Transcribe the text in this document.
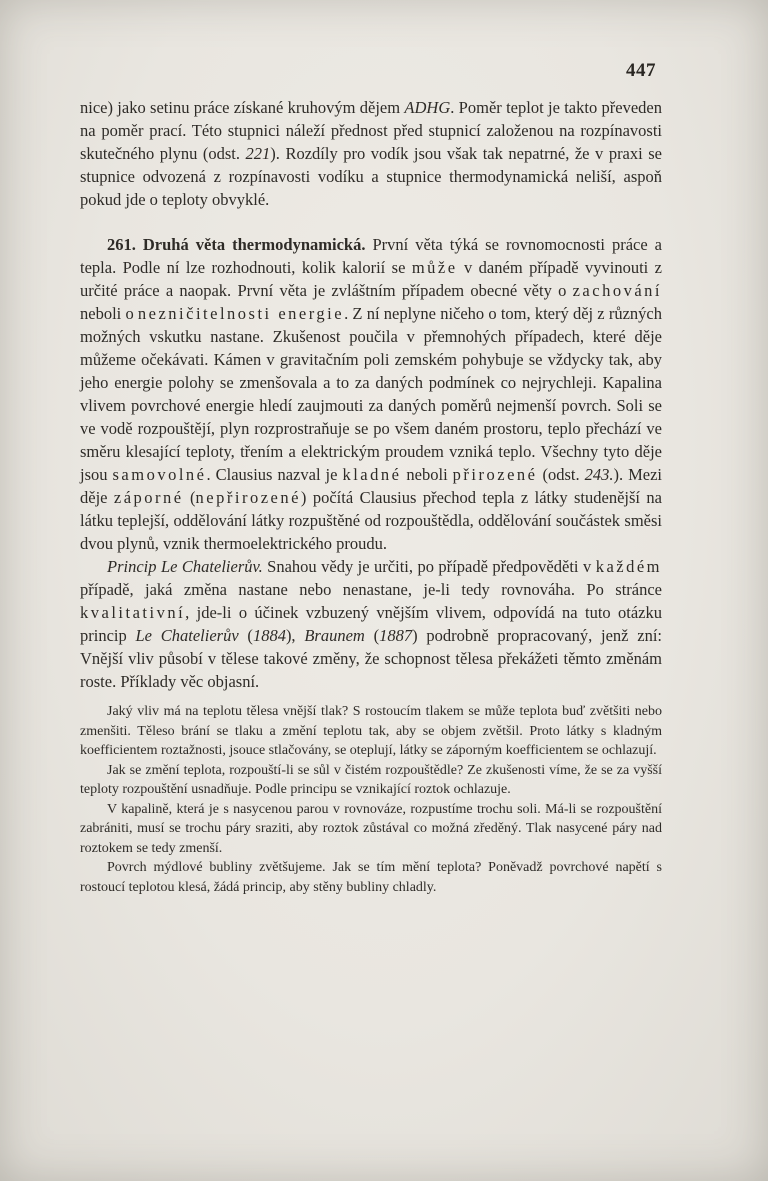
447

nice) jako setinu práce získané kruhovým dějem ADHG. Poměr teplot je takto převeden na poměr prací. Této stupnici náleží přednost před stupnicí založenou na rozpínavosti skutečného plynu (odst. 221). Rozdíly pro vodík jsou však tak nepatrné, že v praxi se stupnice odvozená z rozpínavosti vodíku a stupnice thermodynamická neliší, aspoň pokud jde o teploty obvyklé.

261. Druhá věta thermodynamická. První věta týká se rovnomocnosti práce a tepla. Podle ní lze rozhodnouti, kolik kalorií se může v daném případě vyvinouti z určité práce a naopak. První věta je zvláštním případem obecné věty o zachování neboli o nezničitelnosti energie. Z ní neplyne ničeho o tom, který děj z různých možných vskutku nastane. Zkušenost poučila v přemnohých případech, které děje můžeme očekávati. Kámen v gravitačním poli zemském pohybuje se vždycky tak, aby jeho energie polohy se zmenšovala a to za daných podmínek co nejrychleji. Kapalina vlivem povrchové energie hledí zaujmouti za daných poměrů nejmenší povrch. Soli se ve vodě rozpouštějí, plyn rozprostraňuje se po všem daném prostoru, teplo přechází ve směru klesající teploty, třením a elektrickým proudem vzniká teplo. Všechny tyto děje jsou samovolné. Clausius nazval je kladné neboli přirozené (odst. 243.). Mezi děje záporné (nepřirozené) počítá Clausius přechod tepla z látky studenější na látku teplejší, oddělování látky rozpuštěné od rozpouštědla, oddělování součástek směsi dvou plynů, vznik thermoelektrického proudu.

Princip Le Chatelierův. Snahou vědy je určiti, po případě předpověděti v každém případě, jaká změna nastane nebo nenastane, je-li tedy rovnováha. Po stránce kvalitativní, jde-li o účinek vzbuzený vnějším vlivem, odpovídá na tuto otázku princip Le Chatelierův (1884), Braunem (1887) podrobně propracovaný, jenž zní: Vnější vliv působí v tělese takové změny, že schopnost tělesa překážeti těmto změnám roste. Příklady věc objasní.

Jaký vliv má na teplotu tělesa vnější tlak? S rostoucím tlakem se může teplota buď zvětšiti nebo zmenšiti. Těleso brání se tlaku a změní teplotu tak, aby se objem zvětšil. Proto látky s kladným koefficientem roztažnosti, jsouce stlačovány, se oteplují, látky se záporným koefficientem se ochlazují.

Jak se změní teplota, rozpouští-li se sůl v čistém rozpouštědle? Ze zkušenosti víme, že se za vyšší teploty rozpouštění usnadňuje. Podle principu se vznikající roztok ochlazuje.

V kapalině, která je s nasycenou parou v rovnováze, rozpustíme trochu soli. Má-li se rozpouštění zabrániti, musí se trochu páry sraziti, aby roztok zůstával co možná zředěný. Tlak nasycené páry nad roztokem se tedy zmenší.

Povrch mýdlové bubliny zvětšujeme. Jak se tím mění teplota? Poněvadž povrchové napětí s rostoucí teplotou klesá, žádá princip, aby stěny bubliny chladly.
